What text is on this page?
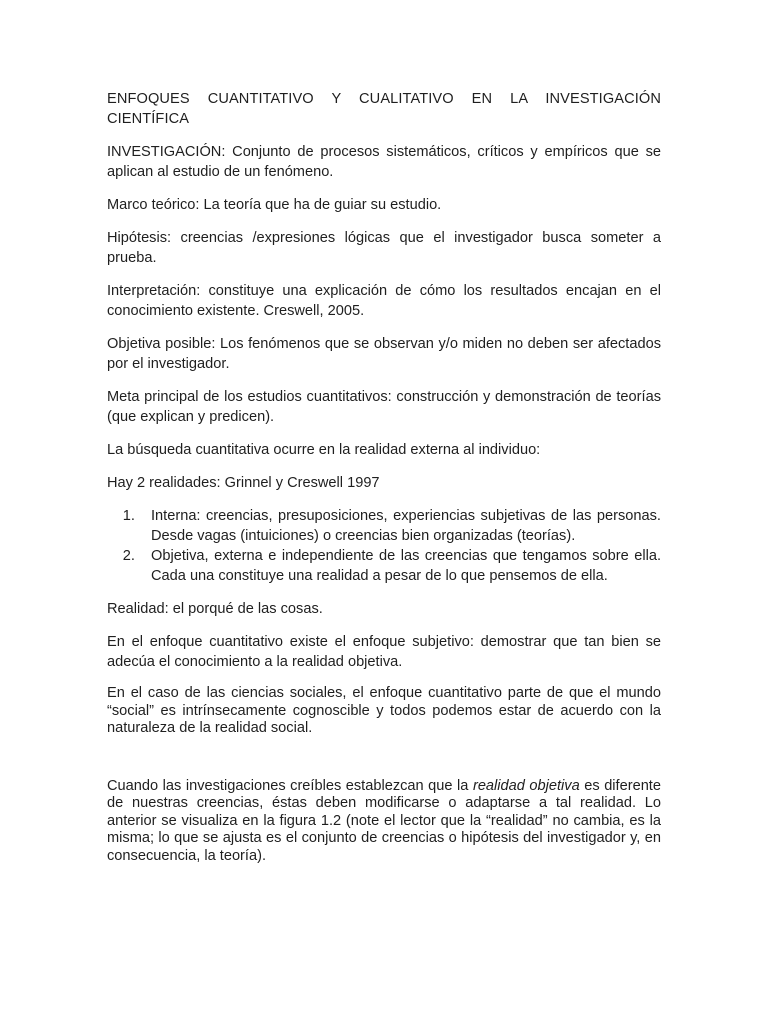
ENFOQUES CUANTITATIVO Y CUALITATIVO EN LA INVESTIGACIÓN CIENTÍFICA

INVESTIGACIÓN: Conjunto de procesos sistemáticos, críticos y empíricos que se aplican al estudio de un fenómeno.

Marco teórico: La teoría que ha de guiar su estudio.

Hipótesis: creencias /expresiones lógicas que el investigador busca someter a prueba.

Interpretación: constituye una explicación de cómo los resultados encajan en el conocimiento existente. Creswell, 2005.

Objetiva posible: Los fenómenos que se observan y/o miden no deben ser afectados por el investigador.

Meta principal de los estudios cuantitativos: construcción y demonstración de teorías (que explican y predicen).

La búsqueda cuantitativa ocurre en la realidad externa al individuo:

Hay 2 realidades: Grinnel y Creswell 1997

1. Interna: creencias, presuposiciones, experiencias subjetivas de las personas. Desde vagas (intuiciones) o creencias bien organizadas (teorías).
2. Objetiva, externa e independiente de las creencias que tengamos sobre ella. Cada una constituye una realidad a pesar de lo que pensemos de ella.

Realidad: el porqué de las cosas.

En el enfoque cuantitativo existe el enfoque subjetivo: demostrar que tan bien se adecúa el conocimiento a la realidad objetiva.

En el caso de las ciencias sociales, el enfoque cuantitativo parte de que el mundo “social” es intrínsecamente cognoscible y todos podemos estar de acuerdo con la naturaleza de la realidad social.

Cuando las investigaciones creíbles establezcan que la realidad objetiva es diferente de nuestras creencias, éstas deben modificarse o adaptarse a tal realidad. Lo anterior se visualiza en la figura 1.2 (note el lector que la “realidad” no cambia, es la misma; lo que se ajusta es el conjunto de creencias o hipótesis del investigador y, en consecuencia, la teoría).
